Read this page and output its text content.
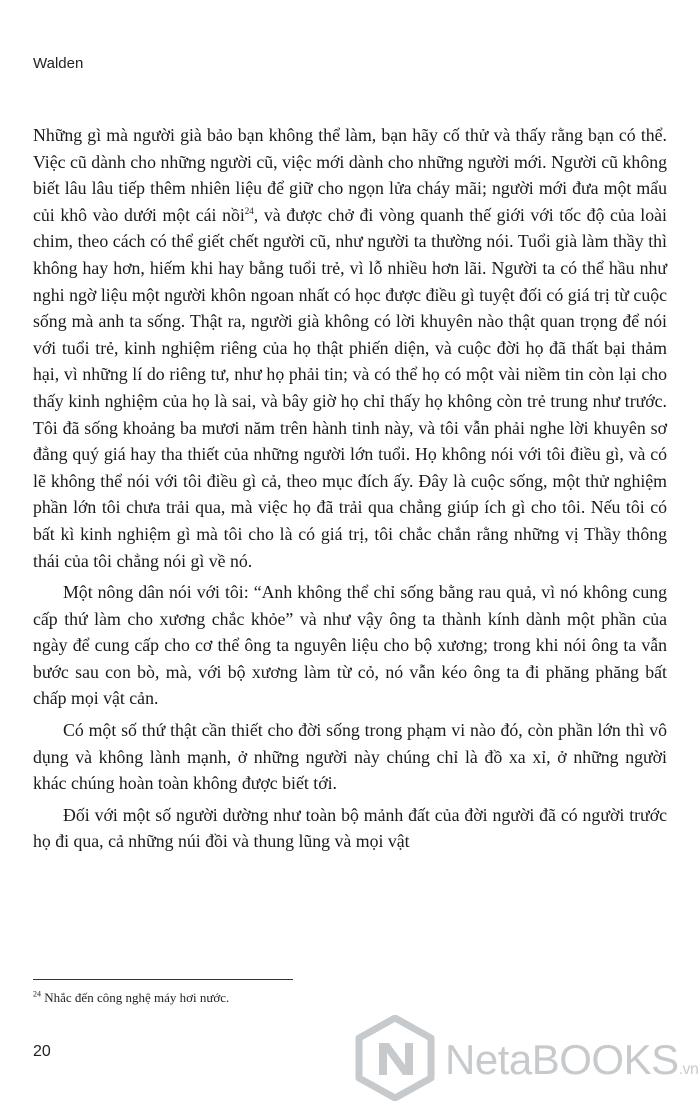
Walden

Những gì mà người già bảo bạn không thể làm, bạn hãy cố thử và thấy rằng bạn có thể. Việc cũ dành cho những người cũ, việc mới dành cho những người mới. Người cũ không biết lâu lâu tiếp thêm nhiên liệu để giữ cho ngọn lửa cháy mãi; người mới đưa một mẩu củi khô vào dưới một cái nồi$^{24}$, và được chở đi vòng quanh thế giới với tốc độ của loài chim, theo cách có thể giết chết người cũ, như người ta thường nói. Tuổi già làm thầy thì không hay hơn, hiếm khi hay bằng tuổi trẻ, vì lỗ nhiều hơn lãi. Người ta có thể hầu như nghi ngờ liệu một người khôn ngoan nhất có học được điều gì tuyệt đối có giá trị từ cuộc sống mà anh ta sống. Thật ra, người già không có lời khuyên nào thật quan trọng để nói với tuổi trẻ, kinh nghiệm riêng của họ thật phiến diện, và cuộc đời họ đã thất bại thảm hại, vì những lí do riêng tư, như họ phải tin; và có thể họ có một vài niềm tin còn lại cho thấy kinh nghiệm của họ là sai, và bây giờ họ chỉ thấy họ không còn trẻ trung như trước. Tôi đã sống khoảng ba mươi năm trên hành tinh này, và tôi vẫn phải nghe lời khuyên sơ đẳng quý giá hay tha thiết của những người lớn tuổi. Họ không nói với tôi điều gì, và có lẽ không thể nói với tôi điều gì cả, theo mục đích ấy. Đây là cuộc sống, một thử nghiệm phần lớn tôi chưa trải qua, mà việc họ đã trải qua chẳng giúp ích gì cho tôi. Nếu tôi có bất kì kinh nghiệm gì mà tôi cho là có giá trị, tôi chắc chắn rằng những vị Thầy thông thái của tôi chẳng nói gì về nó.

Một nông dân nói với tôi: “Anh không thể chỉ sống bằng rau quả, vì nó không cung cấp thứ làm cho xương chắc khỏe” và như vậy ông ta thành kính dành một phần của ngày để cung cấp cho cơ thể ông ta nguyên liệu cho bộ xương; trong khi nói ông ta vẫn bước sau con bò, mà, với bộ xương làm từ cỏ, nó vẫn kéo ông ta đi phăng phăng bất chấp mọi vật cản.

Có một số thứ thật cần thiết cho đời sống trong phạm vi nào đó, còn phần lớn thì vô dụng và không lành mạnh, ở những người này chúng chỉ là đồ xa xỉ, ở những người khác chúng hoàn toàn không được biết tới.

Đối với một số người dường như toàn bộ mảnh đất của đời người đã có người trước họ đi qua, cả những núi đồi và thung lũng và mọi vật

$^{24}$ Nhắc đến công nghệ máy hơi nước.
20	NetaBOOKS.vn
